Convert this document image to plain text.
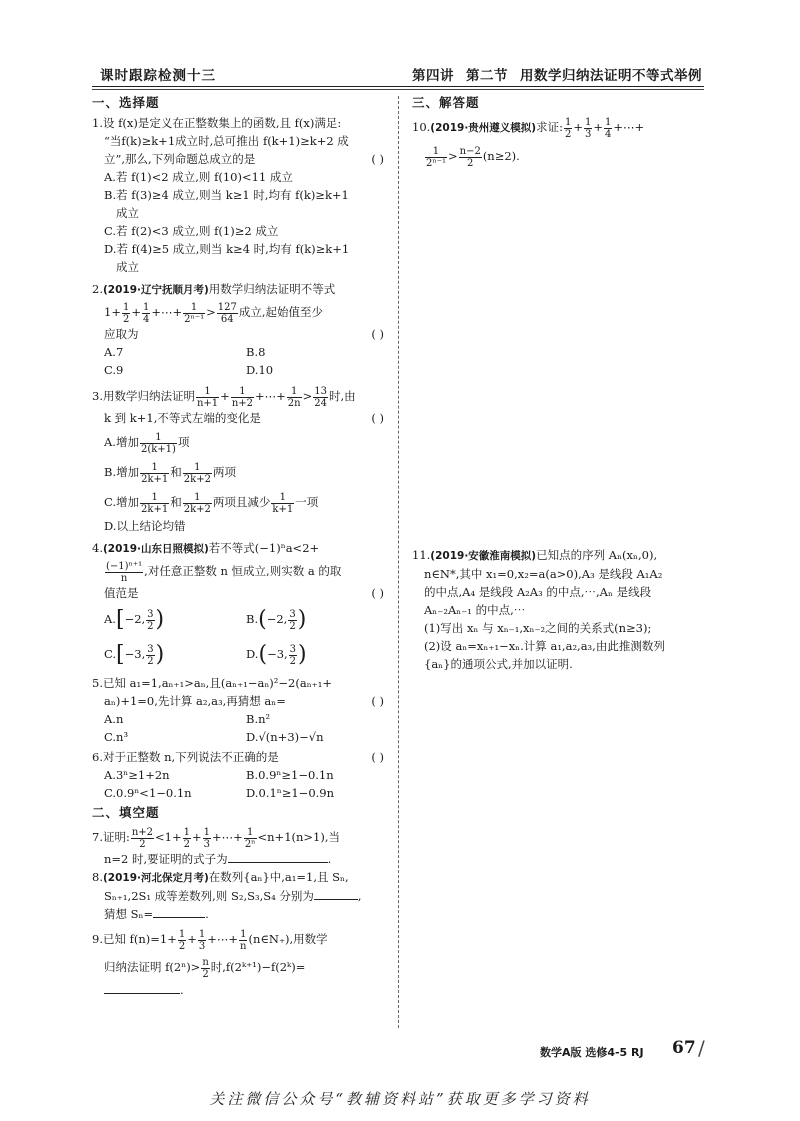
课时跟踪检测十三	第四讲 第二节 用数学归纳法证明不等式举例
一、选择题
1.设 f(x)是定义在正整数集上的函数,且 f(x)满足:
“当f(k)≥k+1成立时,总可推出 f(k+1)≥k+2 成
立”,那么,下列命题总成立的是	( )
A.若 f(1)<2 成立,则 f(10)<11 成立
B.若 f(3)≥4 成立,则当 k≥1 时,均有 f(k)≥k+1
成立
C.若 f(2)<3 成立,则 f(1)≥2 成立
D.若 f(4)≥5 成立,则当 k≥4 时,均有 f(k)≥k+1
成立
2.(2019·辽宁抚顺月考)用数学归纳法证明不等式
$1+ \frac{1}{2} + \frac{1}{4}$ +⋯+ $\frac{1}{\text{2ⁿ⁻¹}} > \frac{127}{64}$ 成立,起始值至少
应取为	( )
A.7	B.8
C.9	D.10
3.用数学归纳法证明 $\frac{1}{n+1} + \frac{1}{n+2}$ +⋯+ $\frac{1}{2n} > \frac{13}{24}$ 时,由
k 到 k+1,不等式左端的变化是	( )
A.增加 $\frac{1}{2(k+1)}$ 项
B.增加 $\frac{1}{2k+1}$ 和 $\frac{1}{2k+2}$ 两项
C.增加 $\frac{1}{2k+1}$ 和 $\frac{1}{2k+2}$ 两项且减少 $\frac{1}{k+1}$ 一项
D.以上结论均错
4.(2019·山东日照模拟)若不等式(−1)ⁿa<2+
$\frac{\text{(−1)ⁿ⁺¹}}{n}$ ,对任意正整数 n 恒成立,则实数 a 的取
值范是	( )
A.[−2, $\frac{3}{2}$ )	B.(−2, $\frac{3}{2}$ )
C.[−3, $\frac{3}{2}$ )	D.(−3, $\frac{3}{2}$ )
5.已知 a₁=1,aₙ₊₁>aₙ,且(aₙ₊₁−aₙ)²−2(aₙ₊₁+
aₙ)+1=0,先计算 a₂,a₃,再猜想 aₙ=	( )
A.n	B.n²
C.n³	D.√(n+3)−√n
6.对于正整数 n,下列说法不正确的是	( )
A.3ⁿ≥1+2n	B.0.9ⁿ≥1−0.1n
C.0.9ⁿ<1−0.1n	D.0.1ⁿ≥1−0.9n
二、填空题
7.证明: $\frac{n+2}{2} <1+ \frac{1}{2} + \frac{1}{3}$ +⋯+ $\frac{1}{\text{2ⁿ}} <n+1(n>1)$,当
n=2 时,要证明的式子为	.
8.(2019·河北保定月考)在数列{aₙ}中,a₁=1,且 Sₙ,
Sₙ₊₁,2S₁ 成等差数列,则 S₂,S₃,S₄ 分别为	,
猜想 Sₙ=	.
9.已知 $f(n)=1+ \frac{1}{2} + \frac{1}{3}$ +⋯+ $\frac{1}{n}$ (n∈N₊),用数学
归纳法证明 $f(2^n)> \frac{n}{2}$ 时,f(2ᵏ⁺¹)−f(2ᵏ)=
.
三、解答题
10.(2019·贵州遵义模拟)求证: $\frac{1}{2} + \frac{1}{3} + \frac{1}{4}$ +⋯+
$\frac{1}{\text{2ⁿ⁻¹}} > \frac{n-2}{2} (n\ge 2)$.
11.(2019·安徽淮南模拟)已知点的序列 Aₙ(xₙ,0),
n∈N*,其中 x₁=0,x₂=a(a>0),A₃ 是线段 A₁A₂
的中点,A₄ 是线段 A₂A₃ 的中点,⋯,Aₙ 是线段
Aₙ₋₂Aₙ₋₁ 的中点,⋯
(1)写出 xₙ 与 xₙ₋₁,xₙ₋₂之间的关系式(n≥3);
(2)设 aₙ=xₙ₊₁−xₙ.计算 a₁,a₂,a₃,由此推测数列
{aₙ}的通项公式,并加以证明.
数学A版 选修4-5 RJ 67 /
关注微信公众号“教辅资料站”获取更多学习资料
